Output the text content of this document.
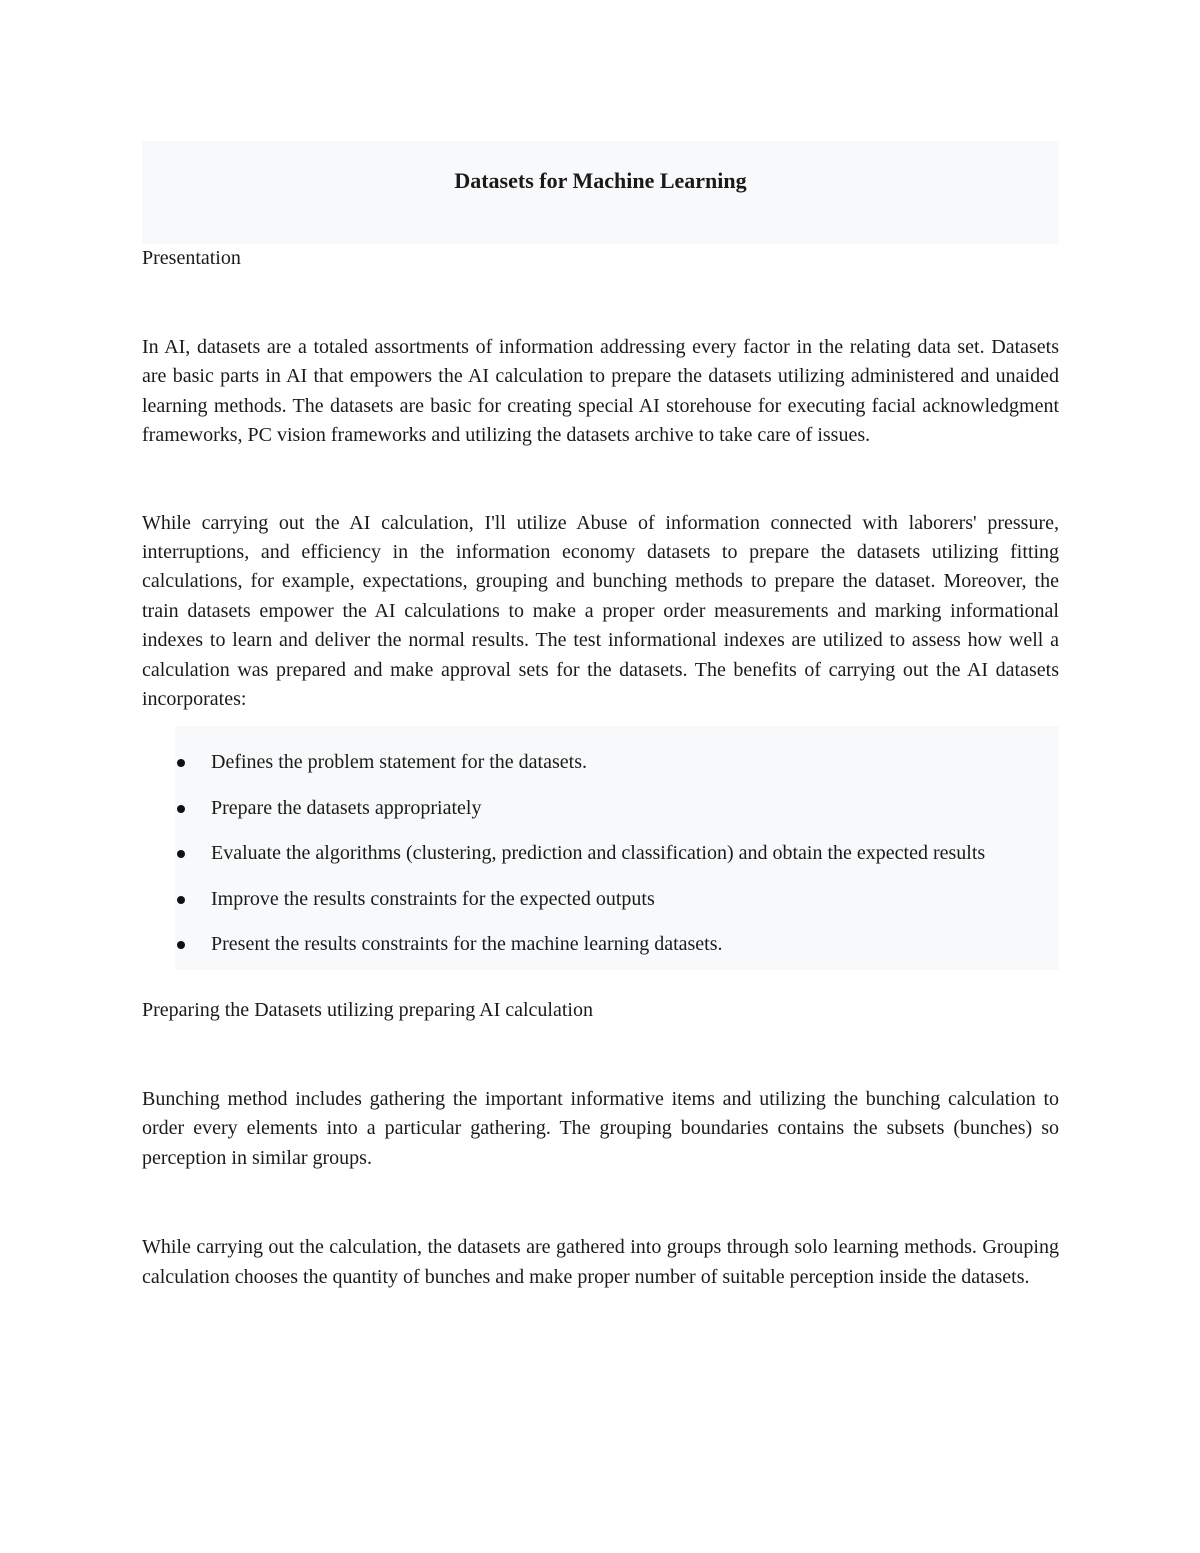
Datasets for Machine Learning

Presentation

In AI, datasets are a totaled assortments of information addressing every factor in the relating data set. Datasets are basic parts in AI that empowers the AI calculation to prepare the datasets utilizing administered and unaided learning methods. The datasets are basic for creating special AI storehouse for executing facial acknowledgment frameworks, PC vision frameworks and utilizing the datasets archive to take care of issues.

While carrying out the AI calculation, I'll utilize Abuse of information connected with laborers' pressure, interruptions, and efficiency in the information economy datasets to prepare the datasets utilizing fitting calculations, for example, expectations, grouping and bunching methods to prepare the dataset. Moreover, the train datasets empower the AI calculations to make a proper order measurements and marking informational indexes to learn and deliver the normal results. The test informational indexes are utilized to assess how well a calculation was prepared and make approval sets for the datasets. The benefits of carrying out the AI datasets incorporates:

Defines the problem statement for the datasets.
Prepare the datasets appropriately
Evaluate the algorithms (clustering, prediction and classification) and obtain the expected results
Improve the results constraints for the expected outputs
Present the results constraints for the machine learning datasets.

Preparing the Datasets utilizing preparing AI calculation

Bunching method includes gathering the important informative items and utilizing the bunching calculation to order every elements into a particular gathering. The grouping boundaries contains the subsets (bunches) so perception in similar groups.

While carrying out the calculation, the datasets are gathered into groups through solo learning methods. Grouping calculation chooses the quantity of bunches and make proper number of suitable perception inside the datasets.
